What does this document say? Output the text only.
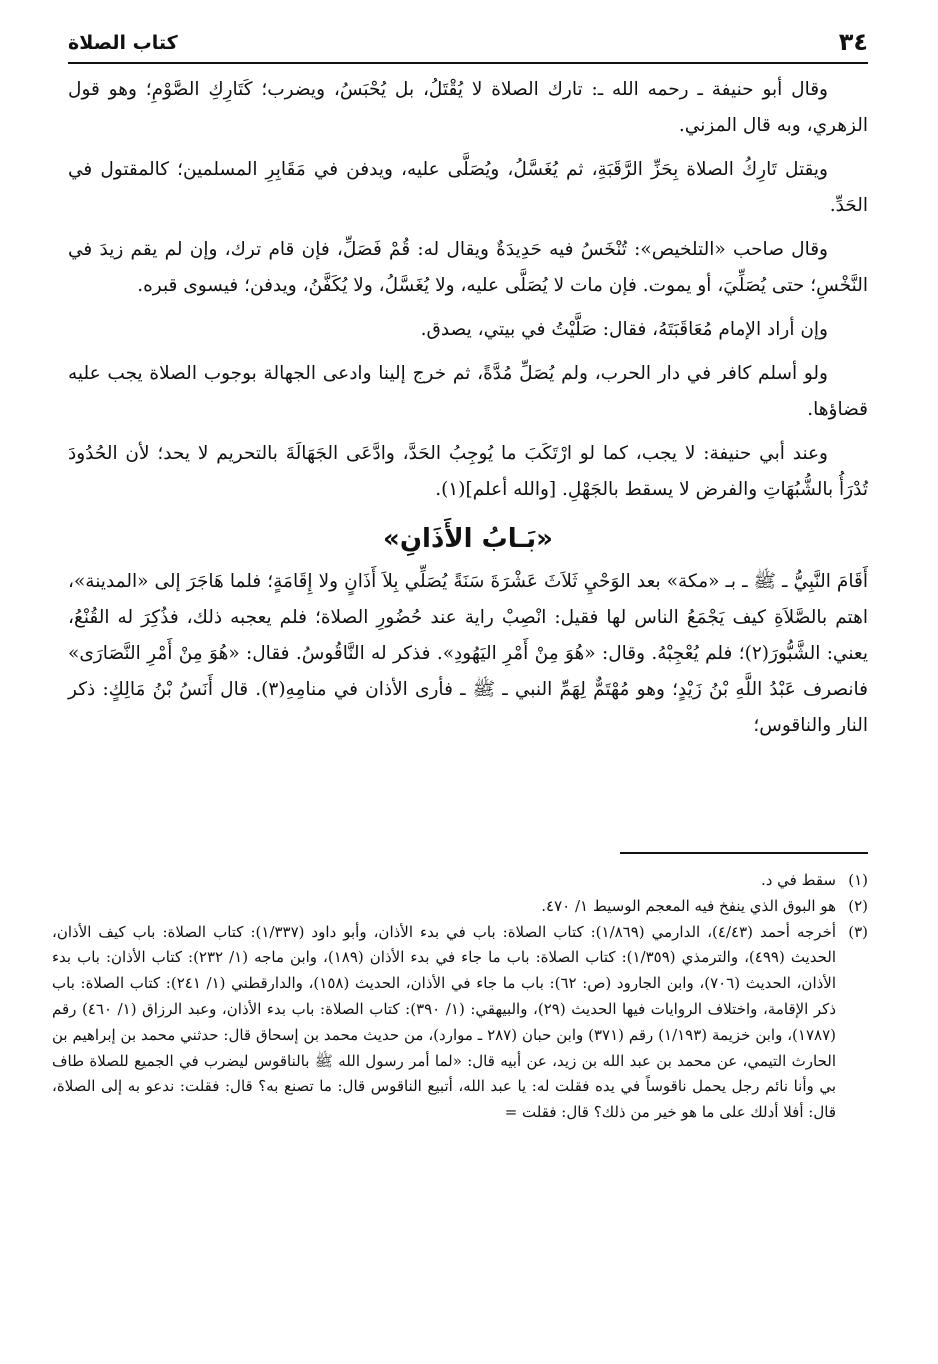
٣٤
كتاب الصلاة

وقال أبو حنيفة ـ رحمه الله ـ: تارك الصلاة لا يُقْتَلُ، بل يُحْبَسُ، ويضرب؛ كَتَارِكِ الصَّوْمِ؛ وهو قول الزهري، وبه قال المزني.

ويقتل تَارِكُ الصلاة بِحَزِّ الرَّقَبَةِ، ثم يُغَسَّلُ، ويُصَلَّى عليه، ويدفن في مَقَابِرِ المسلمين؛ كالمقتول في الحَدِّ.

وقال صاحب «التلخيص»: تُنْخَسُ فيه حَدِيدَةٌ ويقال له: قُمْ فَصَلِّ، فإن قام ترك، وإن لم يقم زيدَ في النَّخْسِ؛ حتى يُصَلِّيَ، أو يموت. فإن مات لا يُصَلَّى عليه، ولا يُغَسَّلُ، ولا يُكَفَّنُ، ويدفن؛ فيسوى قبره.

وإن أراد الإمام مُعَاقَبَتَهُ، فقال: صَلَّيْتُ في بيتي، يصدق.

ولو أسلم كافر في دار الحرب، ولم يُصَلِّ مُدَّةً، ثم خرج إلينا وادعى الجهالة بوجوب الصلاة يجب عليه قضاؤها.

وعند أبي حنيفة: لا يجب، كما لو ارْتَكَبَ ما يُوجِبُ الحَدَّ، وادَّعَى الجَهَالَةَ بالتحريم لا يحد؛ لأن الحُدُودَ تُدْرَأُ بالشُّبُهَاتِ والفرض لا يسقط بالجَهْلِ. [والله أعلم](١).

«بَـابُ الأَذَانِ»

أَقَامَ النَّبِيُّ ـ ﷺ ـ بـ «مكة» بعد الوَحْيِ ثَلاَثَ عَشْرَةَ سَنَةً يُصَلِّي بِلاَ أَذَانٍ ولا إِقَامَةٍ؛ فلما هَاجَرَ إلى «المدينة»، اهتم بالصَّلاَةِ كيف يَجْمَعُ الناس لها فقيل: انْصِبْ راية عند حُضُورِ الصلاة؛ فلم يعجبه ذلك، فذُكِرَ له القُنْعُ، يعني: الشَّبُّورَ(٢)؛ فلم يُعْجِبْهُ. وقال: «هُوَ مِنْ أَمْرِ اليَهُودِ». فذكر له النَّاقُوسُ. فقال: «هُوَ مِنْ أَمْرِ النَّصَارَى» فانصرف عَبْدُ اللَّهِ بْنُ زَيْدٍ؛ وهو مُهْتَمٌّ لِهَمِّ النبي ـ ﷺ ـ فأرى الأذان في منامِهِ(٣). قال أَنَسُ بْنُ مَالِكٍ: ذكر النار والناقوس؛

(١)
سقط في د.

(٢)
هو البوق الذي ينفخ فيه المعجم الوسيط ١/ ٤٧٠.

(٣)
أخرجه أحمد (٤/٤٣)، الدارمي (١/٨٦٩): كتاب الصلاة: باب في بدء الأذان، وأبو داود (١/٣٣٧): كتاب الصلاة: باب كيف الأذان، الحديث (٤٩٩)، والترمذي (١/٣٥٩): كتاب الصلاة: باب ما جاء في بدء الأذان (١٨٩)، وابن ماجه (١/ ٢٣٢): كتاب الأذان: باب بدء الأذان، الحديث (٧٠٦)، وابن الجارود (ص: ٦٢): باب ما جاء في الأذان، الحديث (١٥٨)، والدارقطني (١/ ٢٤١): كتاب الصلاة: باب ذكر الإقامة، واختلاف الروايات فيها الحديث (٢٩)، والبيهقي: (١/ ٣٩٠): كتاب الصلاة: باب بدء الأذان، وعبد الرزاق (١/ ٤٦٠) رقم (١٧٨٧)، وابن خزيمة (١/١٩٣) رقم (٣٧١) وابن حبان (٢٨٧ ـ موارد)، من حديث محمد بن إسحاق قال: حدثني محمد بن إبراهيم بن الحارث التيمي، عن محمد بن عبد الله بن زيد، عن أبيه قال: «لما أمر رسول الله ﷺ بالناقوس ليضرب في الجميع للصلاة طاف بي وأنا نائم رجل يحمل ناقوساً في يده فقلت له: يا عبد الله، أتبيع الناقوس قال: ما تصنع به؟ قال: فقلت: ندعو به إلى الصلاة، قال: أفلا أدلك على ما هو خير من ذلك؟ قال: فقلت =
